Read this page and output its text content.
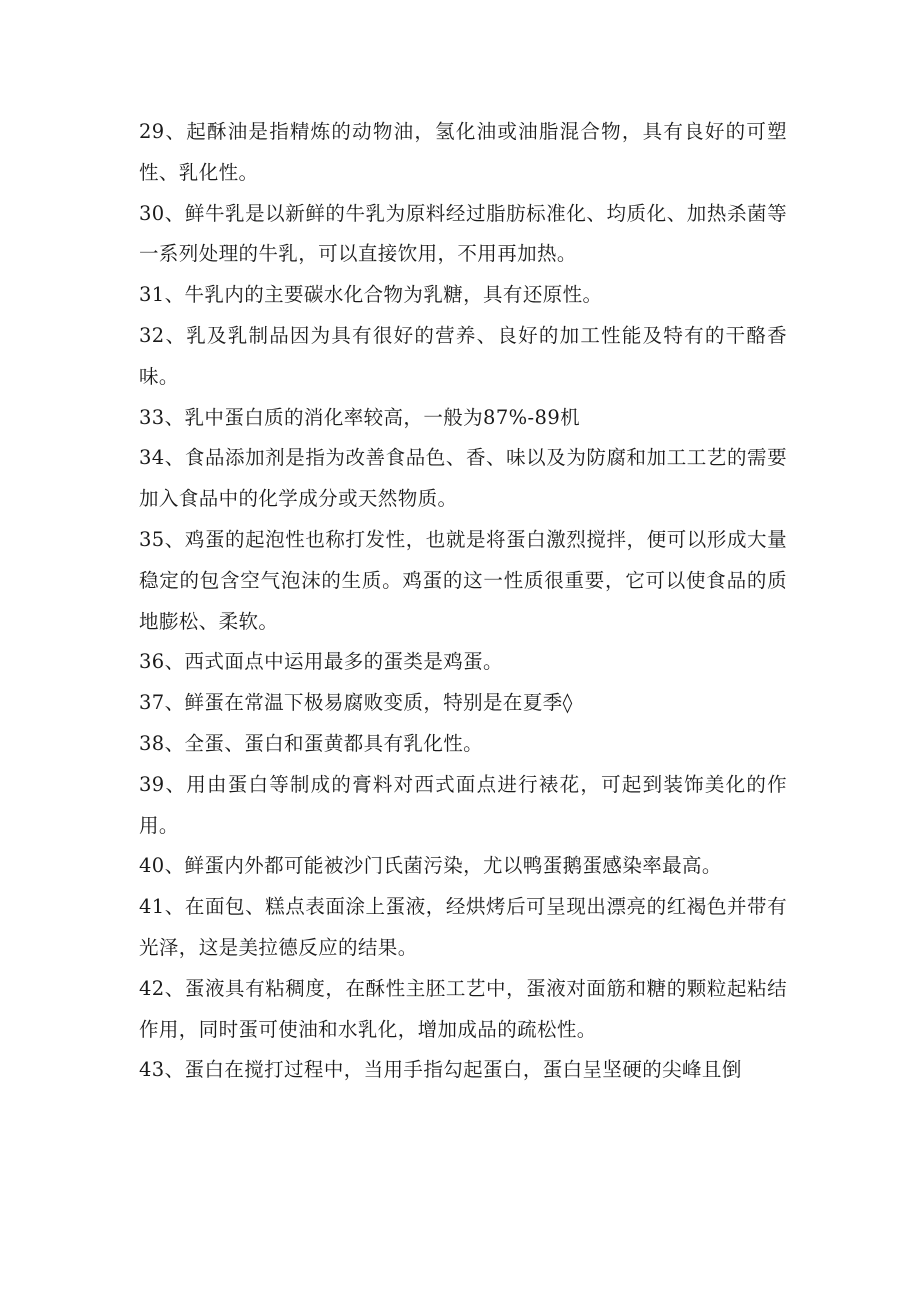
29、起酥油是指精炼的动物油，氢化油或油脂混合物，具有良好的可塑性、乳化性。

30、鲜牛乳是以新鲜的牛乳为原料经过脂肪标准化、均质化、加热杀菌等一系列处理的牛乳，可以直接饮用，不用再加热。

31、牛乳内的主要碳水化合物为乳糖，具有还原性。

32、乳及乳制品因为具有很好的营养、良好的加工性能及特有的干酪香味。

33、乳中蛋白质的消化率较高，一般为87%-89机

34、食品添加剂是指为改善食品色、香、味以及为防腐和加工工艺的需要加入食品中的化学成分或天然物质。

35、鸡蛋的起泡性也称打发性，也就是将蛋白激烈搅拌，便可以形成大量稳定的包含空气泡沫的生质。鸡蛋的这一性质很重要，它可以使食品的质地膨松、柔软。

36、西式面点中运用最多的蛋类是鸡蛋。

37、鲜蛋在常温下极易腐败变质，特别是在夏季◊

38、全蛋、蛋白和蛋黄都具有乳化性。

39、用由蛋白等制成的膏料对西式面点进行裱花，可起到装饰美化的作用。

40、鲜蛋内外都可能被沙门氏菌污染，尤以鸭蛋鹅蛋感染率最高。

41、在面包、糕点表面涂上蛋液，经烘烤后可呈现出漂亮的红褐色并带有光泽，这是美拉德反应的结果。

42、蛋液具有粘稠度，在酥性主胚工艺中，蛋液对面筋和糖的颗粒起粘结作用，同时蛋可使油和水乳化，增加成品的疏松性。

43、蛋白在搅打过程中，当用手指勾起蛋白，蛋白呈坚硬的尖峰且倒
